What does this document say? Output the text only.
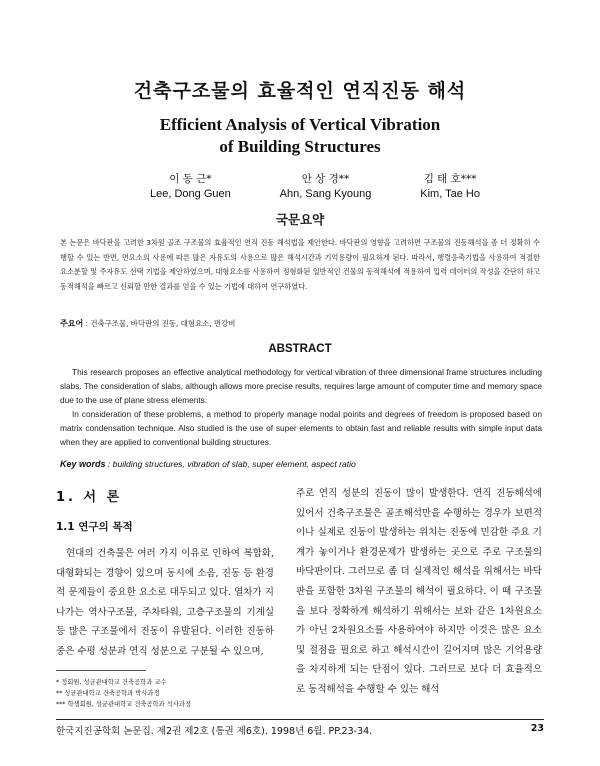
건축구조물의 효율적인 연직진동 해석
Efficient Analysis of Vertical Vibration
of Building Structures
이 동 근*
Lee, Dong Guen
안 상 경**
Ahn, Sang Kyoung
김 태 호***
Kim, Tae Ho
국문요약
본 논문은 바닥판을 고려한 3차원 골조 구조물의 효율적인 연직 진동 해석법을 제안한다. 바닥판의 영향을 고려하면 구조물의 진동해석을 좀 더 정확히 수행할 수 있는 반면, 면요소의 사용에 따른 많은 자유도의 사용으로 많은 해석시간과 기억용량이 필요하게 된다. 따라서, 행렬응축기법을 사용하여 적절한 요소분할 및 주자유도 선택 기법을 제안하였으며, 대형요소를 사용하여 정형화된 일반적인 건물의 동적해석에 적용하여 입력 데이터의 작성을 간단히 하고 동적해석을 빠르고 신뢰할 만한 결과를 얻을 수 있는 기법에 대하여 연구하였다.
주요어 : 건축구조물, 바닥판의 진동, 대형요소, 면강비
ABSTRACT

This research proposes an effective analytical methodology for vertical vibration of three dimensional frame structures including slabs. The consideration of slabs, although allows more precise results, requires large amount of computer time and memory space due to the use of plane stress elements.

In consideration of these problems, a method to properly manage nodal points and degrees of freedom is proposed based on matrix condensation technique. Also studied is the use of super elements to obtain fast and reliable results with simple input data when they are applied to conventional building structures.

Key words : building structures, vibration of slab, super element, aspect ratio
1. 서 론
1.1 연구의 목적
현대의 건축물은 여러 가지 이유로 인하여 복합화, 대형화되는 경향이 있으며 동시에 소음, 진동 등 환경적 문제들이 중요한 요소로 대두되고 있다. 열차가 지나가는 역사구조물, 주차타워, 고층구조물의 기계실 등 많은 구조물에서 진동이 유발된다. 이러한 진동하중은 수평 성분과 연직 성분으로 구분될 수 있으며,
* 정회원, 성균관대학교 건축공학과 교수
** 성균관대학교 건축공학과 박사과정
*** 학생회원, 성균관대학교 건축공학과 석사과정
주로 연직 성분의 진동이 많이 발생한다. 연직 진동해석에 있어서 건축구조물은 골조해석만을 수행하는 경우가 보편적이나 실제로 진동이 발생하는 위치는 진동에 민감한 주요 기계가 놓이거나 환경문제가 발생하는 곳으로 주로 구조물의 바닥판이다. 그러므로 좀 더 실제적인 해석을 위해서는 바닥판을 포함한 3차원 구조물의 해석이 필요하다. 이 때 구조물을 보다 정확하게 해석하기 위해서는 보와 같은 1차원요소가 아닌 2차원요소를 사용하여야 하지만 이것은 많은 요소 및 절점을 필요로 하고 해석시간이 길어지며 많은 기억용량을 차지하게 되는 단점이 있다. 그러므로 보다 더 효율적으로 동적해석을 수행할 수 있는 해석
한국지진공학회 논문집. 제2권 제2호 (통권 제6호). 1998년 6월. PP.23-34.	23
